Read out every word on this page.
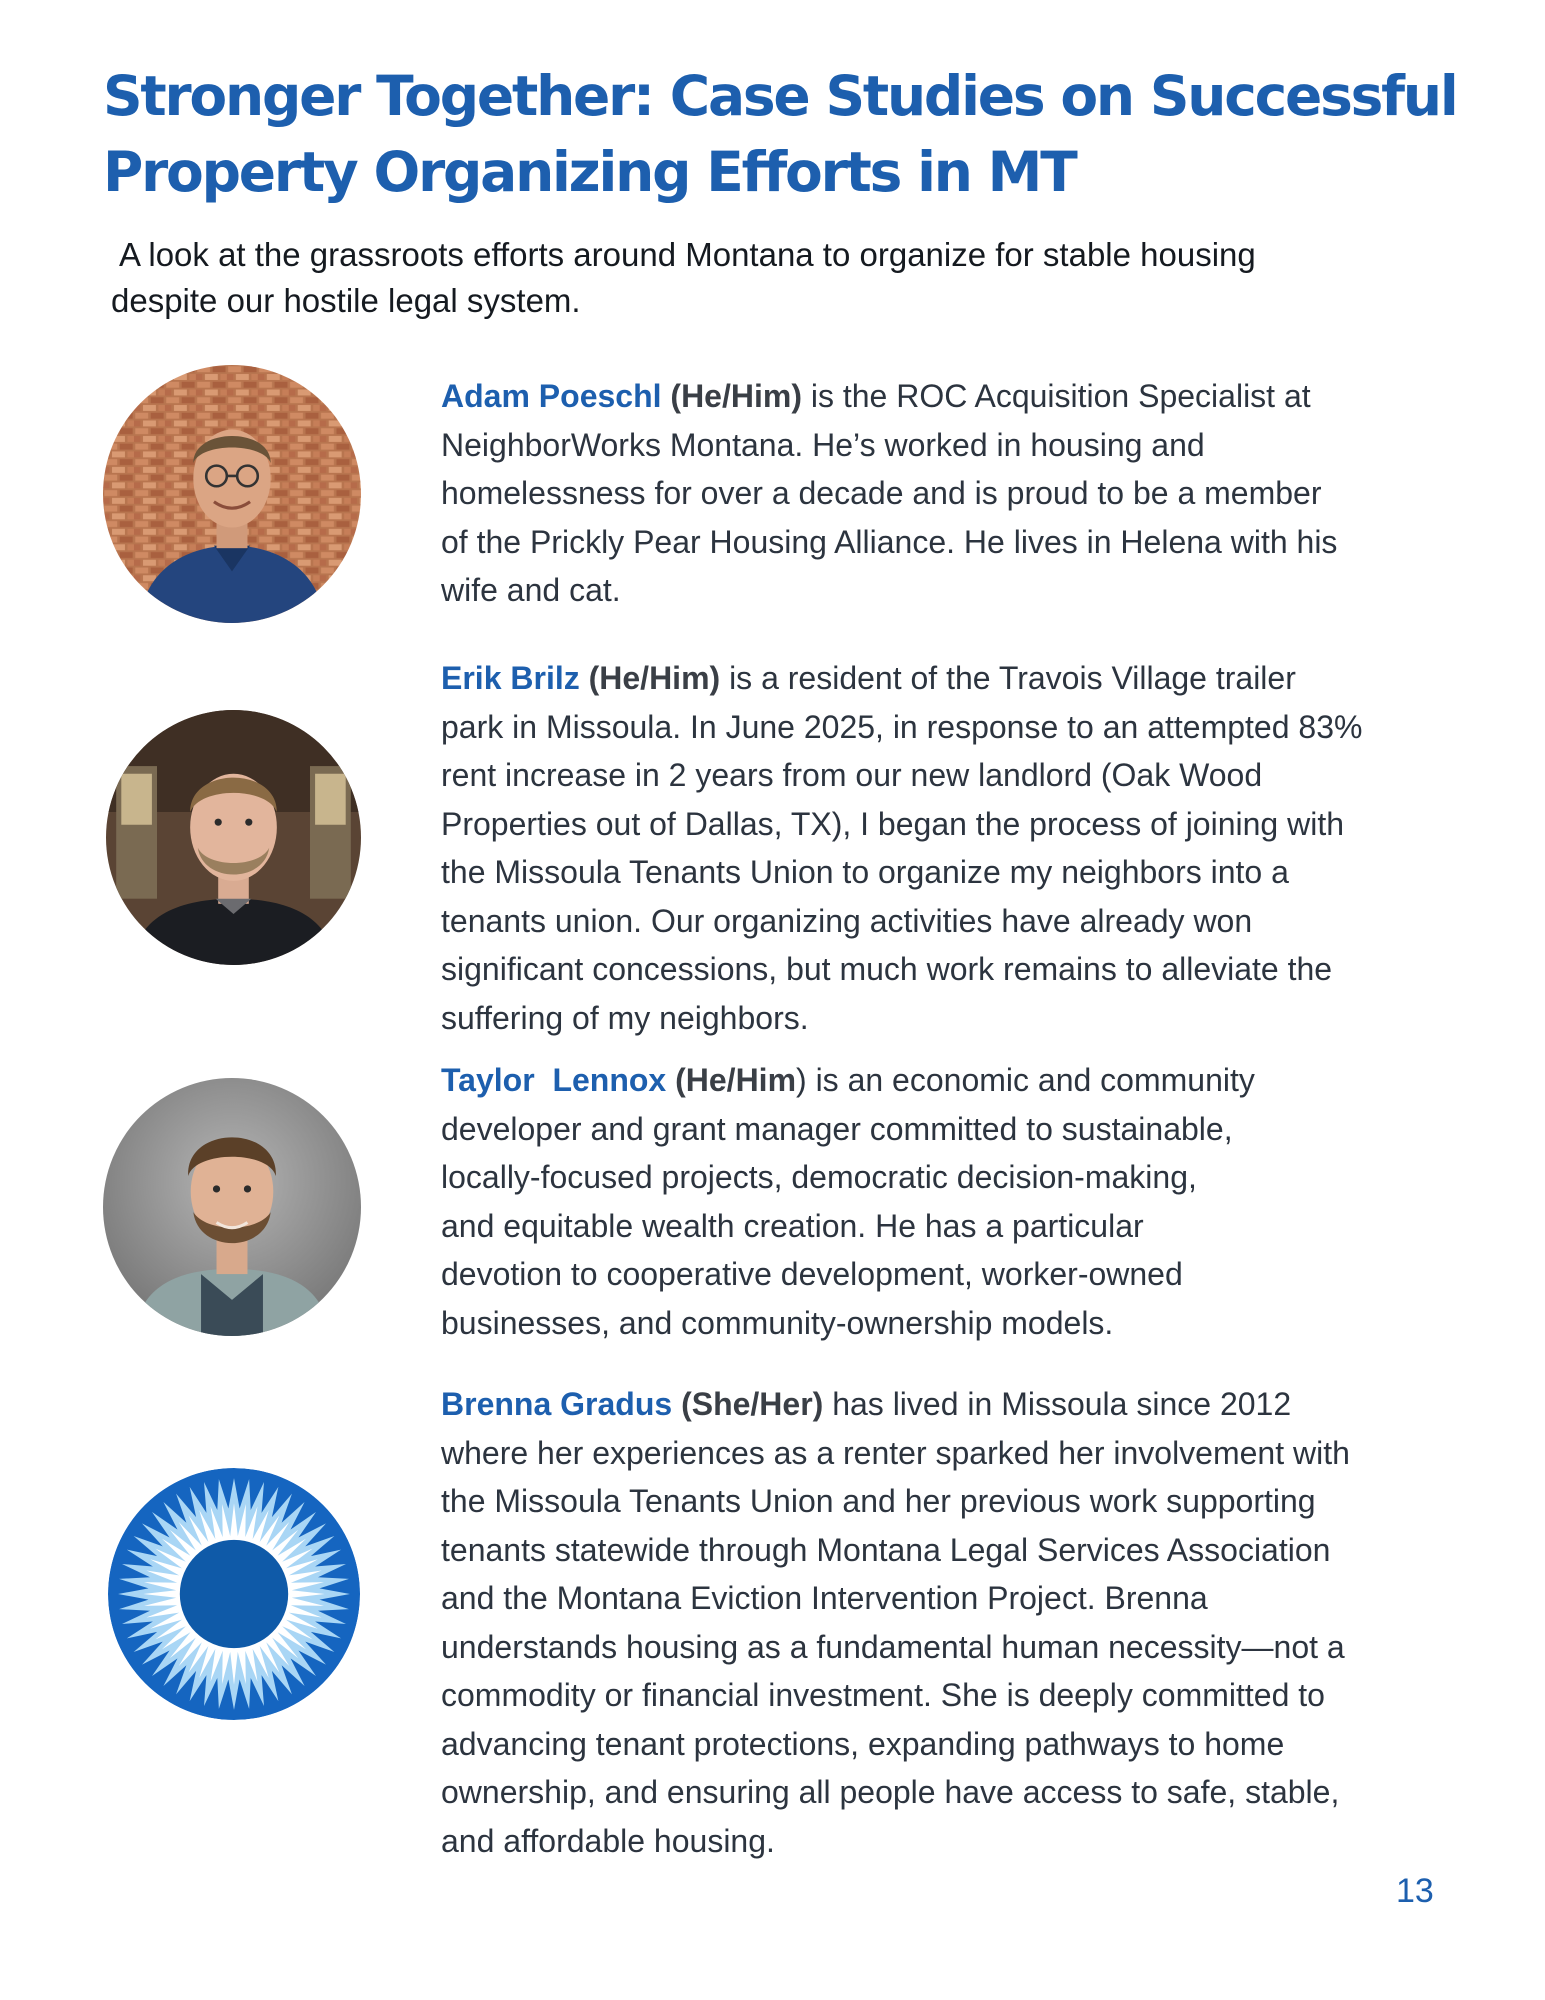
Stronger Together: Case Studies on Successful
Property Organizing Efforts in MT

A look at the grassroots efforts around Montana to organize for stable housing
despite our hostile legal system.

Adam Poeschl (He/Him) is the ROC Acquisition Specialist at
NeighborWorks Montana. He’s worked in housing and
homelessness for over a decade and is proud to be a member
of the Prickly Pear Housing Alliance. He lives in Helena with his
wife and cat.
Erik Brilz (He/Him) is a resident of the Travois Village trailer
park in Missoula. In June 2025, in response to an attempted 83%
rent increase in 2 years from our new landlord (Oak Wood
Properties out of Dallas, TX), I began the process of joining with
the Missoula Tenants Union to organize my neighbors into a
tenants union. Our organizing activities have already won
significant concessions, but much work remains to alleviate the
suffering of my neighbors.
Taylor  Lennox (He/Him) is an economic and community
developer and grant manager committed to sustainable,
locally-focused projects, democratic decision-making,
and equitable wealth creation. He has a particular
devotion to cooperative development, worker-owned
businesses, and community-ownership models.
Brenna Gradus (She/Her) has lived in Missoula since 2012
where her experiences as a renter sparked her involvement with
the Missoula Tenants Union and her previous work supporting
tenants statewide through Montana Legal Services Association
and the Montana Eviction Intervention Project. Brenna
understands housing as a fundamental human necessity—not a
commodity or financial investment. She is deeply committed to
advancing tenant protections, expanding pathways to home
ownership, and ensuring all people have access to safe, stable,
and affordable housing.
13
